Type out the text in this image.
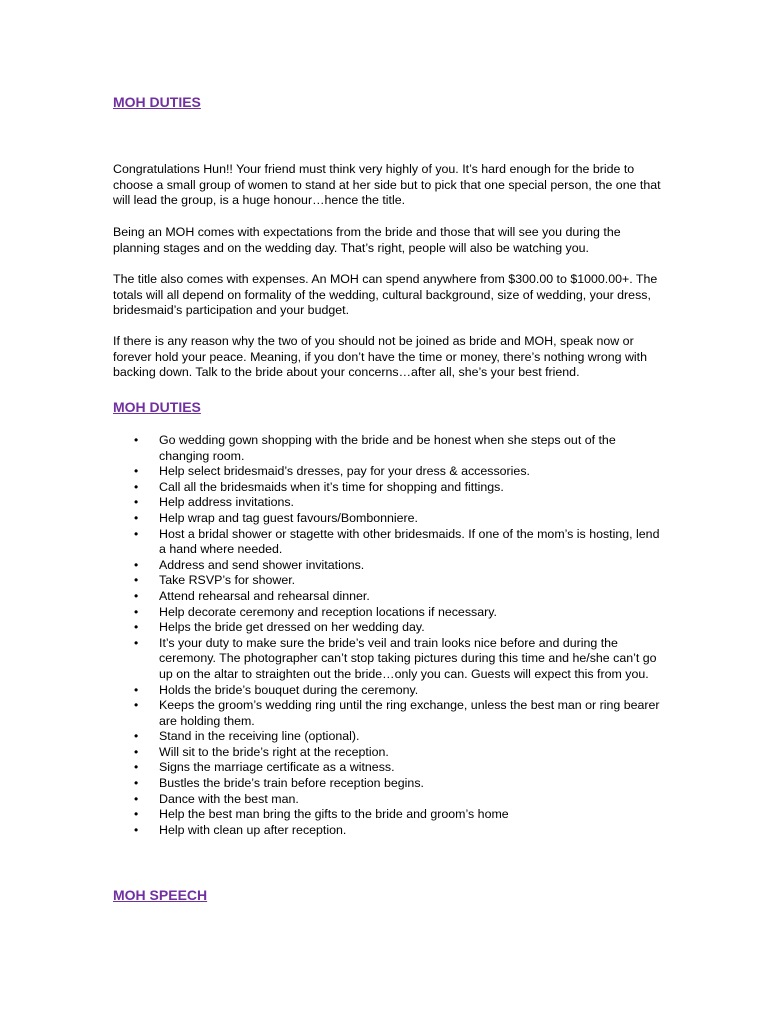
MOH DUTIES

Congratulations Hun!! Your friend must think very highly of you. It’s hard enough for the bride to choose a small group of women to stand at her side but to pick that one special person, the one that will lead the group, is a huge honour…hence the title.

Being an MOH comes with expectations from the bride and those that will see you during the planning stages and on the wedding day. That’s right, people will also be watching you.

The title also comes with expenses. An MOH can spend anywhere from $300.00 to $1000.00+. The totals will all depend on formality of the wedding, cultural background, size of wedding, your dress, bridesmaid’s participation and your budget.

If there is any reason why the two of you should not be joined as bride and MOH, speak now or forever hold your peace. Meaning, if you don’t have the time or money, there’s nothing wrong with backing down. Talk to the bride about your concerns…after all, she’s your best friend.

MOH DUTIES
• Go wedding gown shopping with the bride and be honest when she steps out of the changing room.
• Help select bridesmaid’s dresses, pay for your dress & accessories.
• Call all the bridesmaids when it’s time for shopping and fittings.
• Help address invitations.
• Help wrap and tag guest favours/Bombonniere.
• Host a bridal shower or stagette with other bridesmaids. If one of the mom’s is hosting, lend a hand where needed.
• Address and send shower invitations.
• Take RSVP’s for shower.
• Attend rehearsal and rehearsal dinner.
• Help decorate ceremony and reception locations if necessary.
• Helps the bride get dressed on her wedding day.
• It’s your duty to make sure the bride’s veil and train looks nice before and during the ceremony. The photographer can’t stop taking pictures during this time and he/she can’t go up on the altar to straighten out the bride…only you can. Guests will expect this from you.
• Holds the bride’s bouquet during the ceremony.
• Keeps the groom’s wedding ring until the ring exchange, unless the best man or ring bearer are holding them.
• Stand in the receiving line (optional).
• Will sit to the bride’s right at the reception.
• Signs the marriage certificate as a witness.
• Bustles the bride’s train before reception begins.
• Dance with the best man.
• Help the best man bring the gifts to the bride and groom’s home
• Help with clean up after reception.
MOH SPEECH
